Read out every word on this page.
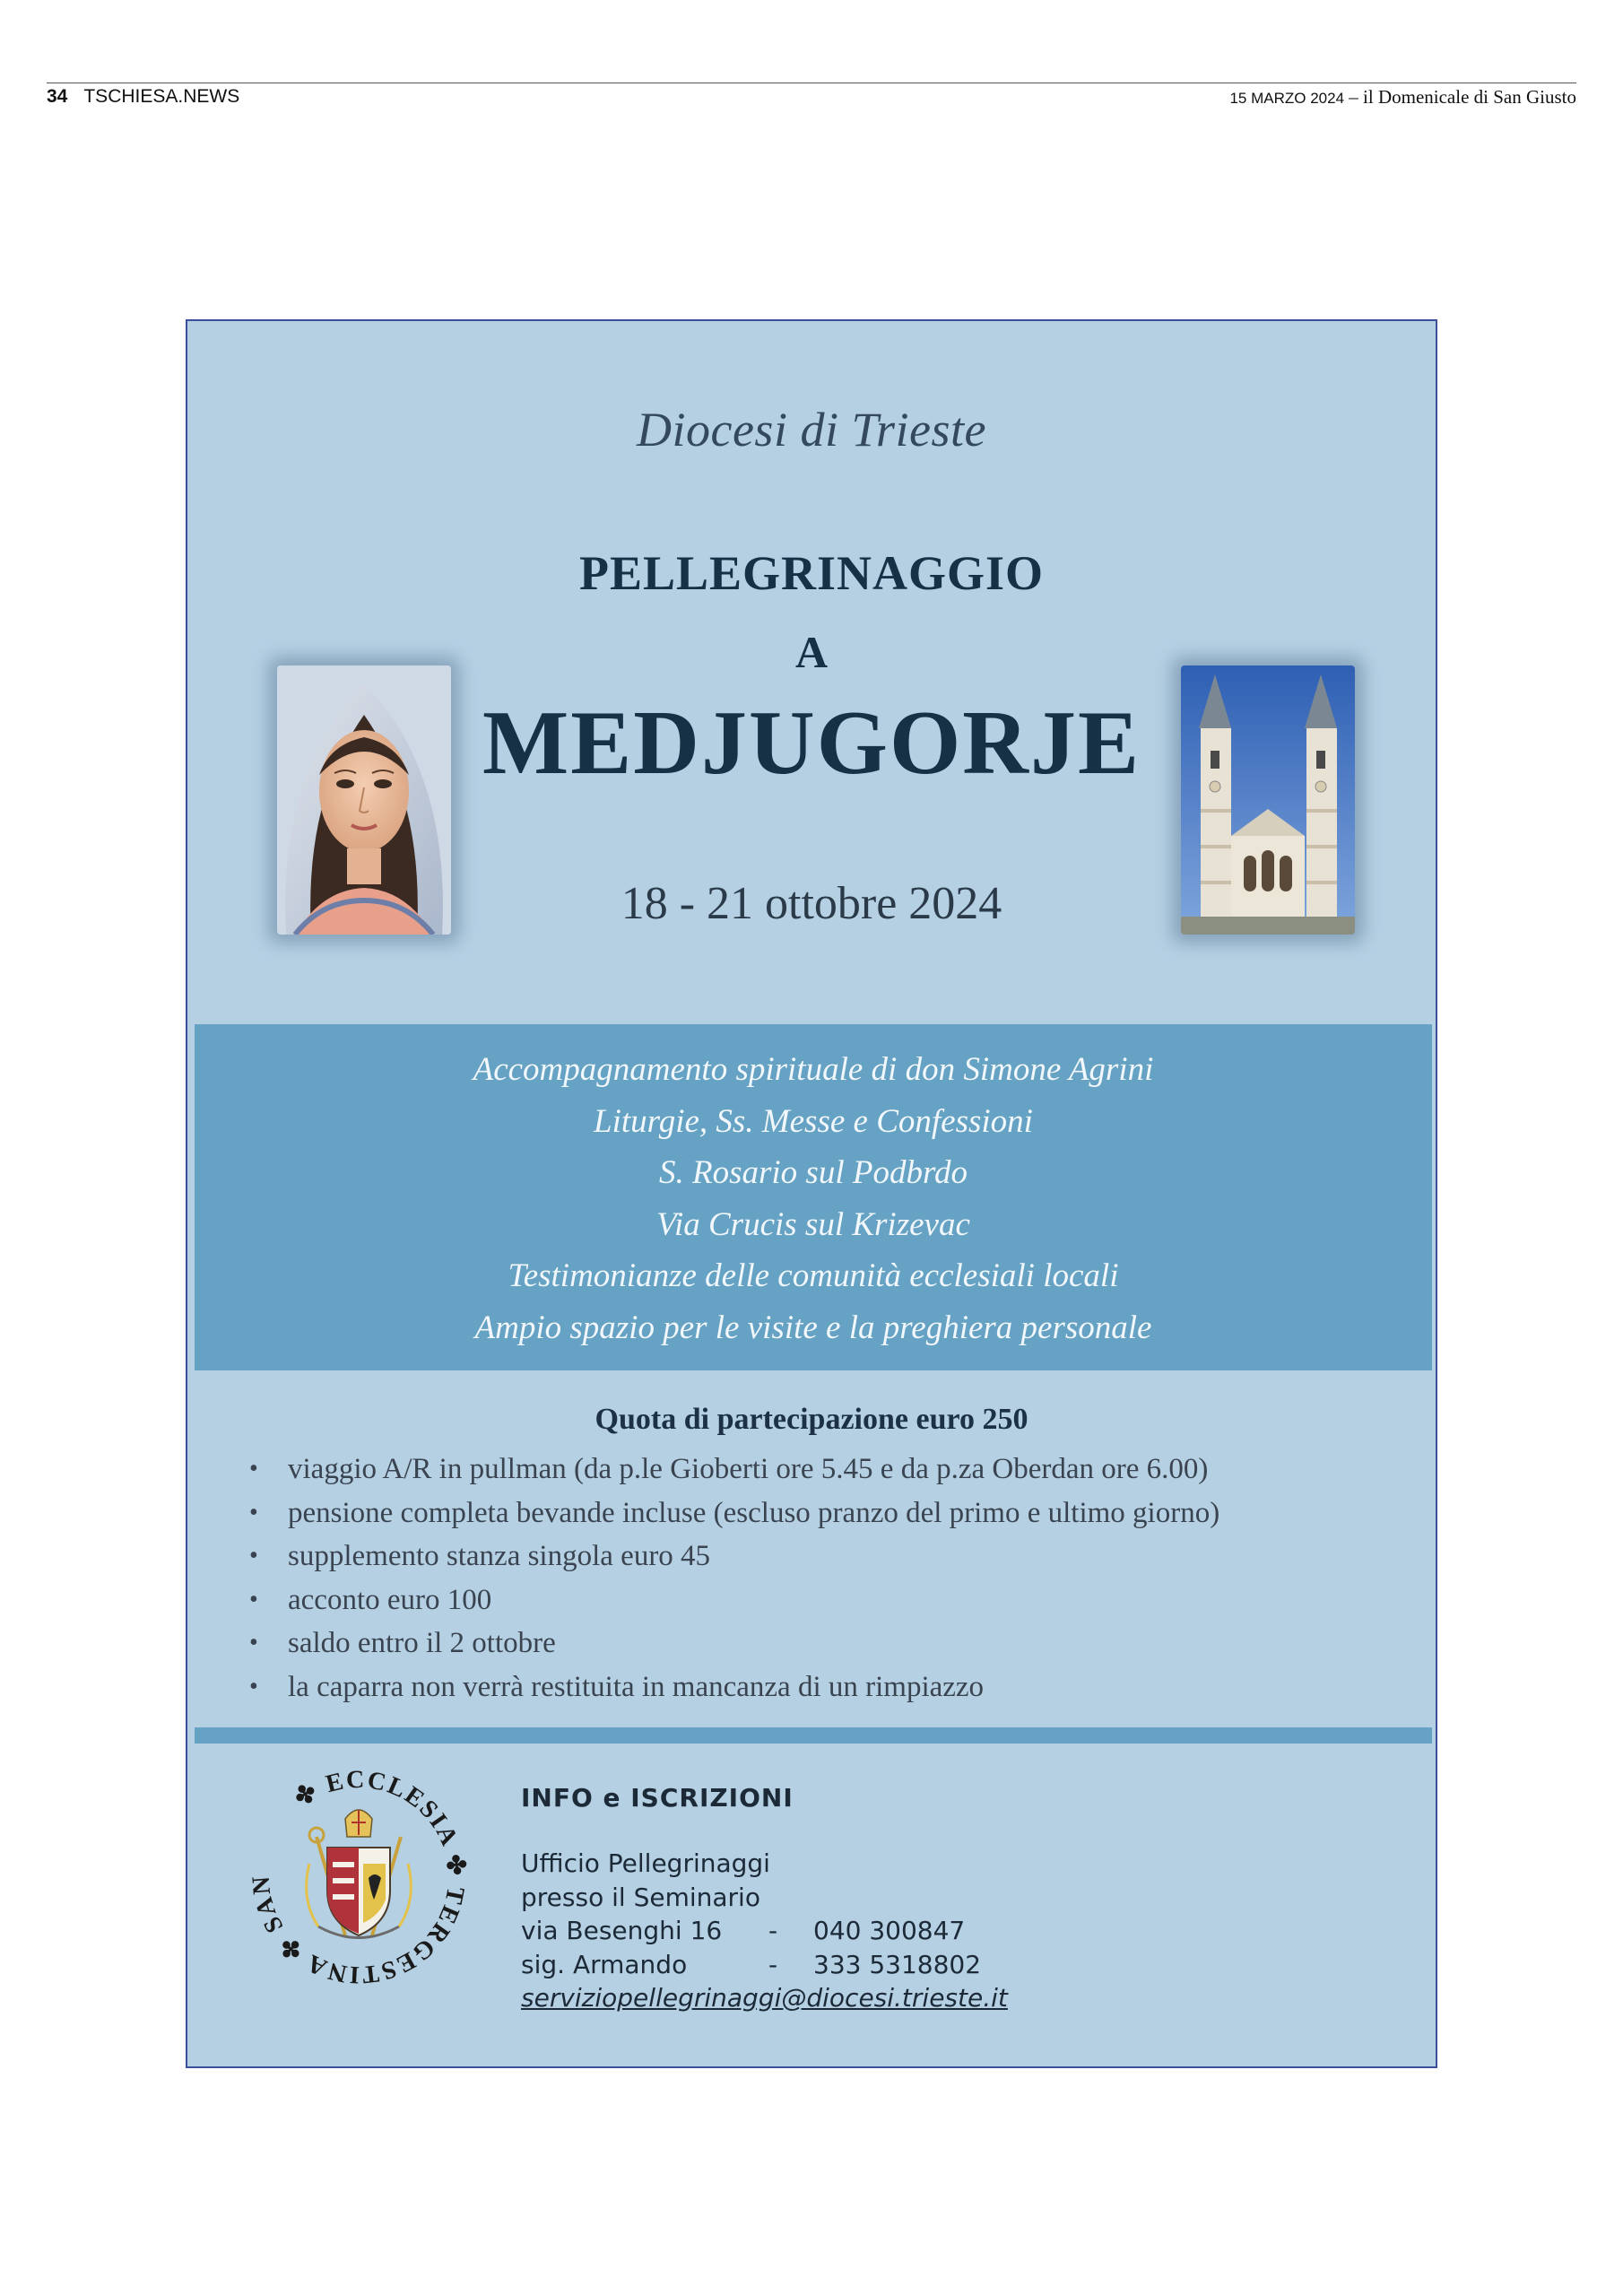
34 TSCHIESA.NEWS	15 MARZO 2024 – il Domenicale di San Giusto
Diocesi di Trieste
PELLEGRINAGGIO
A
MEDJUGORJE
18 - 21 ottobre 2024
Accompagnamento spirituale di don Simone Agrini
Liturgie, Ss. Messe e Confessioni
S. Rosario sul Podbrdo
Via Crucis sul Krizevac
Testimonianze delle comunità ecclesiali locali
Ampio spazio per le visite e la preghiera personale
Quota di partecipazione euro 250
• viaggio A/R in pullman (da p.le Gioberti ore 5.45 e da p.za Oberdan ore 6.00)
• pensione completa bevande incluse (escluso pranzo del primo e ultimo giorno)
• supplemento stanza singola euro 45
• acconto euro 100
• saldo entro il 2 ottobre
• la caparra non verrà restituita in mancanza di un rimpiazzo
✤ ECCLESIA ✤ TERGESTINA ✤ SAN
INFO e ISCRIZIONI
Ufficio Pellegrinaggi
presso il Seminario
via Besenghi 16 - 040 300847
sig. Armando	- 333 5318802
serviziopellegrinaggi@diocesi.trieste.it
